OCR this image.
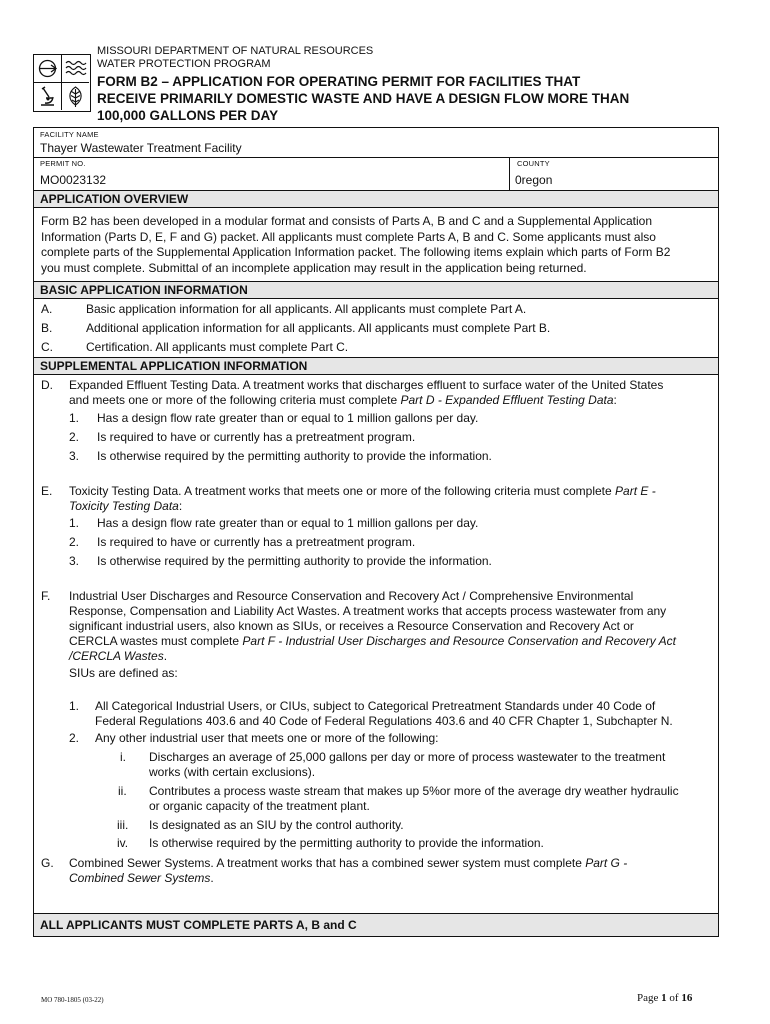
MISSOURI DEPARTMENT OF NATURAL RESOURCES
WATER PROTECTION PROGRAM
FORM B2 – APPLICATION FOR OPERATING PERMIT FOR FACILITIES THAT
RECEIVE PRIMARILY DOMESTIC WASTE AND HAVE A DESIGN FLOW MORE THAN
100,000 GALLONS PER DAY
FACILITY NAME
Thayer Wastewater Treatment Facility
PERMIT NO.
MO0023132
COUNTY
0regon
APPLICATION OVERVIEW
Form B2 has been developed in a modular format and consists of Parts A, B and C and a Supplemental Application
Information (Parts D, E, F and G) packet. All applicants must complete Parts A, B and C. Some applicants must also
complete parts of the Supplemental Application Information packet. The following items explain which parts of Form B2
you must complete. Submittal of an incomplete application may result in the application being returned.
BASIC APPLICATION INFORMATION
A.	Basic application information for all applicants. All applicants must complete Part A.
B.	Additional application information for all applicants. All applicants must complete Part B.
C.	Certification. All applicants must complete Part C.
SUPPLEMENTAL APPLICATION INFORMATION
D. Expanded Effluent Testing Data. A treatment works that discharges effluent to surface water of the United States
and meets one or more of the following criteria must complete Part D - Expanded Effluent Testing Data:
1.	Has a design flow rate greater than or equal to 1 million gallons per day.
2.	Is required to have or currently has a pretreatment program.
3.	Is otherwise required by the permitting authority to provide the information.
E. Toxicity Testing Data. A treatment works that meets one or more of the following criteria must complete Part E -
Toxicity Testing Data:
1.	Has a design flow rate greater than or equal to 1 million gallons per day.
2.	Is required to have or currently has a pretreatment program.
3.	Is otherwise required by the permitting authority to provide the information.
F. Industrial User Discharges and Resource Conservation and Recovery Act / Comprehensive Environmental
Response, Compensation and Liability Act Wastes. A treatment works that accepts process wastewater from any
significant industrial users, also known as SIUs, or receives a Resource Conservation and Recovery Act or
CERCLA wastes must complete Part F - Industrial User Discharges and Resource Conservation and Recovery Act
/CERCLA Wastes.
SIUs are defined as:
1.	All Categorical Industrial Users, or CIUs, subject to Categorical Pretreatment Standards under 40 Code of
Federal Regulations 403.6 and 40 Code of Federal Regulations 403.6 and 40 CFR Chapter 1, Subchapter N.
2.	Any other industrial user that meets one or more of the following:
i. Discharges an average of 25,000 gallons per day or more of process wastewater to the treatment
works (with certain exclusions).
ii. Contributes a process waste stream that makes up 5%or more of the average dry weather hydraulic
or organic capacity of the treatment plant.
iii. Is designated as an SIU by the control authority.
iv. Is otherwise required by the permitting authority to provide the information.
G. Combined Sewer Systems. A treatment works that has a combined sewer system must complete Part G -
Combined Sewer Systems.
ALL APPLICANTS MUST COMPLETE PARTS A, B and C
MO 780-1805 (03-22)	Page 1 of 16
